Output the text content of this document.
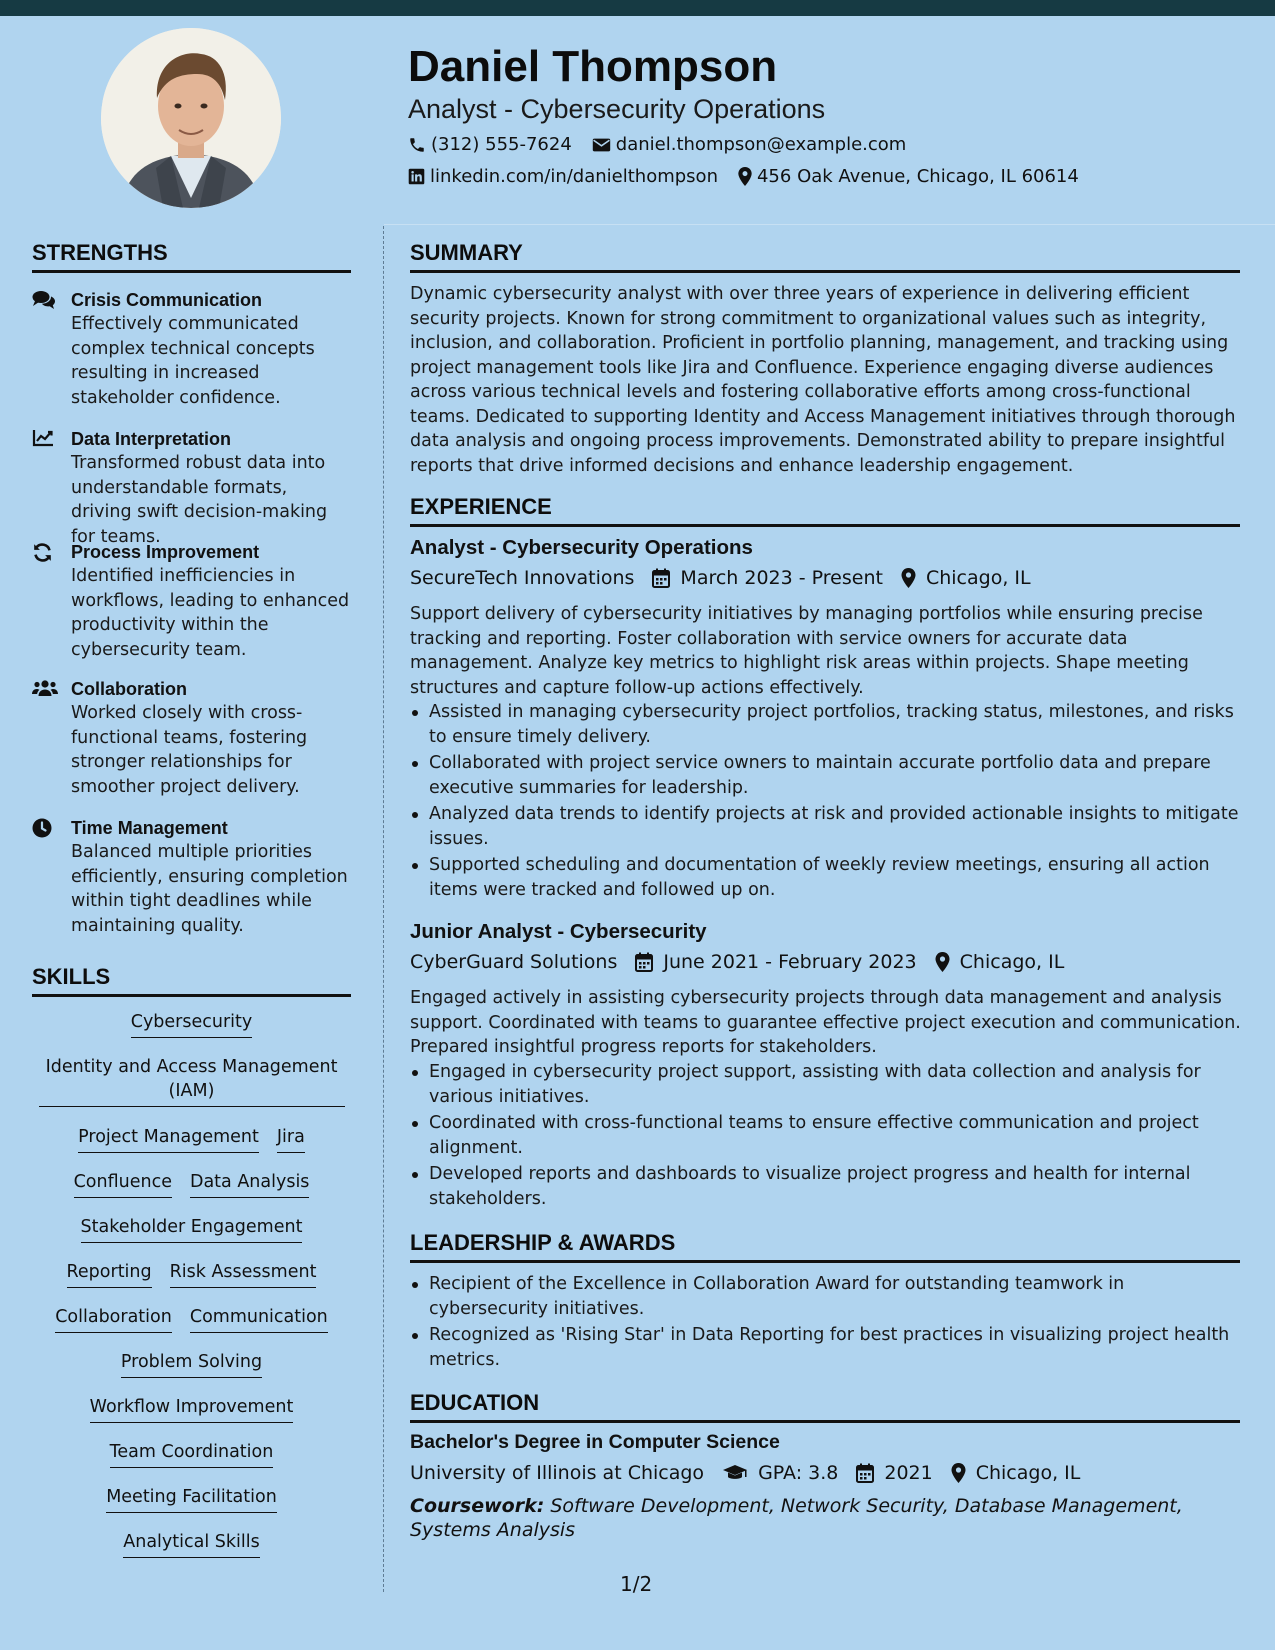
Daniel Thompson
Analyst - Cybersecurity Operations
(312) 555-7624 daniel.thompson@example.com
linkedin.com/in/danielthompson 456 Oak Avenue, Chicago, IL 60614
STRENGTHS
Crisis Communication
Effectively communicated complex technical concepts resulting in increased stakeholder confidence.
Data Interpretation
Transformed robust data into understandable formats, driving swift decision-making for teams.
Process Improvement
Identified inefficiencies in workflows, leading to enhanced productivity within the cybersecurity team.
Collaboration
Worked closely with cross-functional teams, fostering stronger relationships for smoother project delivery.
Time Management
Balanced multiple priorities efficiently, ensuring completion within tight deadlines while maintaining quality.
SKILLS
Cybersecurity
Identity and Access Management (IAM)
Project Management Jira
Confluence Data Analysis
Stakeholder Engagement
Reporting Risk Assessment
Collaboration Communication
Problem Solving
Workflow Improvement
Team Coordination
Meeting Facilitation
Analytical Skills
SUMMARY
Dynamic cybersecurity analyst with over three years of experience in delivering efficient security projects. Known for strong commitment to organizational values such as integrity, inclusion, and collaboration. Proficient in portfolio planning, management, and tracking using project management tools like Jira and Confluence. Experience engaging diverse audiences across various technical levels and fostering collaborative efforts among cross-functional teams. Dedicated to supporting Identity and Access Management initiatives through thorough data analysis and ongoing process improvements. Demonstrated ability to prepare insightful reports that drive informed decisions and enhance leadership engagement.
EXPERIENCE
Analyst - Cybersecurity Operations
SecureTech Innovations March 2023 - Present Chicago, IL
Support delivery of cybersecurity initiatives by managing portfolios while ensuring precise tracking and reporting. Foster collaboration with service owners for accurate data management. Analyze key metrics to highlight risk areas within projects. Shape meeting structures and capture follow-up actions effectively.
Assisted in managing cybersecurity project portfolios, tracking status, milestones, and risks to ensure timely delivery.
Collaborated with project service owners to maintain accurate portfolio data and prepare executive summaries for leadership.
Analyzed data trends to identify projects at risk and provided actionable insights to mitigate issues.
Supported scheduling and documentation of weekly review meetings, ensuring all action items were tracked and followed up on.
Junior Analyst - Cybersecurity
CyberGuard Solutions June 2021 - February 2023 Chicago, IL
Engaged actively in assisting cybersecurity projects through data management and analysis support. Coordinated with teams to guarantee effective project execution and communication. Prepared insightful progress reports for stakeholders.
Engaged in cybersecurity project support, assisting with data collection and analysis for various initiatives.
Coordinated with cross-functional teams to ensure effective communication and project alignment.
Developed reports and dashboards to visualize project progress and health for internal stakeholders.
LEADERSHIP & AWARDS
Recipient of the Excellence in Collaboration Award for outstanding teamwork in cybersecurity initiatives.
Recognized as 'Rising Star' in Data Reporting for best practices in visualizing project health metrics.
EDUCATION
Bachelor's Degree in Computer Science
University of Illinois at Chicago	GPA: 3.8 2021 Chicago, IL
Coursework: Software Development, Network Security, Database Management, Systems Analysis
1/2
